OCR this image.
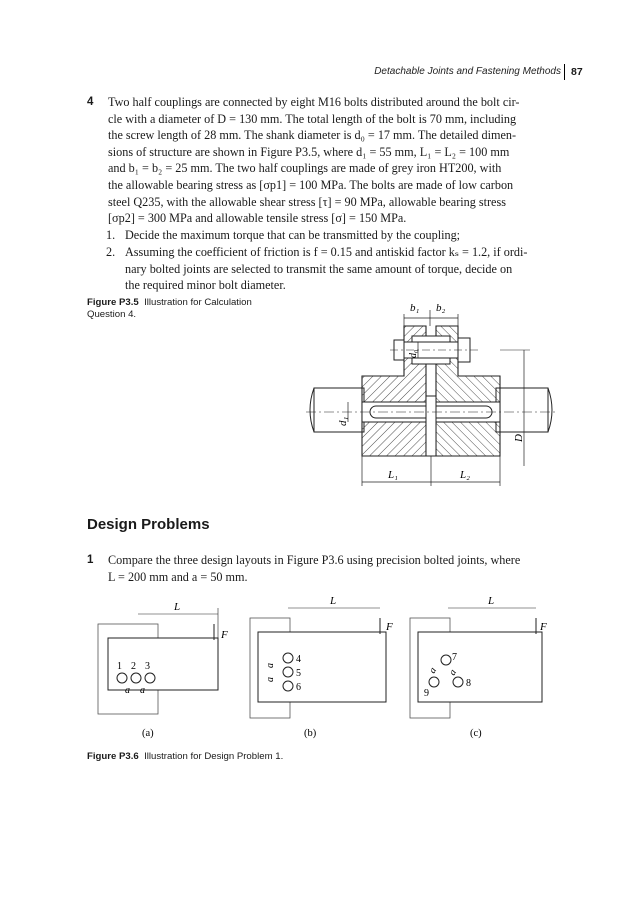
Detachable Joints and Fastening Methods 87
4 Two half couplings are connected by eight M16 bolts distributed around the bolt cir-

cle with a diameter of D = 130 mm. The total length of the bolt is 70 mm, including

the screw length of 28 mm. The shank diameter is d₀ = 17 mm. The detailed dimen-

sions of structure are shown in Figure P3.5, where d₁ = 55 mm, L₁ = L₂ = 100 mm

and b₁ = b₂ = 25 mm. The two half couplings are made of grey iron HT200, with

the allowable bearing stress as [σp1] = 100 MPa. The bolts are made of low carbon

steel Q235, with the allowable shear stress [τ] = 90 MPa, allowable bearing stress

[σp2] = 300 MPa and allowable tensile stress [σ] = 150 MPa.

1. Decide the maximum torque that can be transmitted by the coupling;
2. Assuming the coefficient of friction is f = 0.15 and antiskid factor kₛ = 1.2, if ordi-
nary bolted joints are selected to transmit the same amount of torque, decide on
the required minor bolt diameter.
Figure P3.5 Illustration for Calculation Question 4.
b₁ b₂
d₀
d₁
D
L₁	L₂
Design Problems
1 Compare the three design layouts in Figure P3.6 using precision bolted joints, where

L = 200 mm and a = 50 mm.

L
F
1 2 3
a a
(a)
L
F
4
5
6
a
a
(b)
L
F
7
8
9
a a
(c)
Figure P3.6 Illustration for Design Problem 1.
